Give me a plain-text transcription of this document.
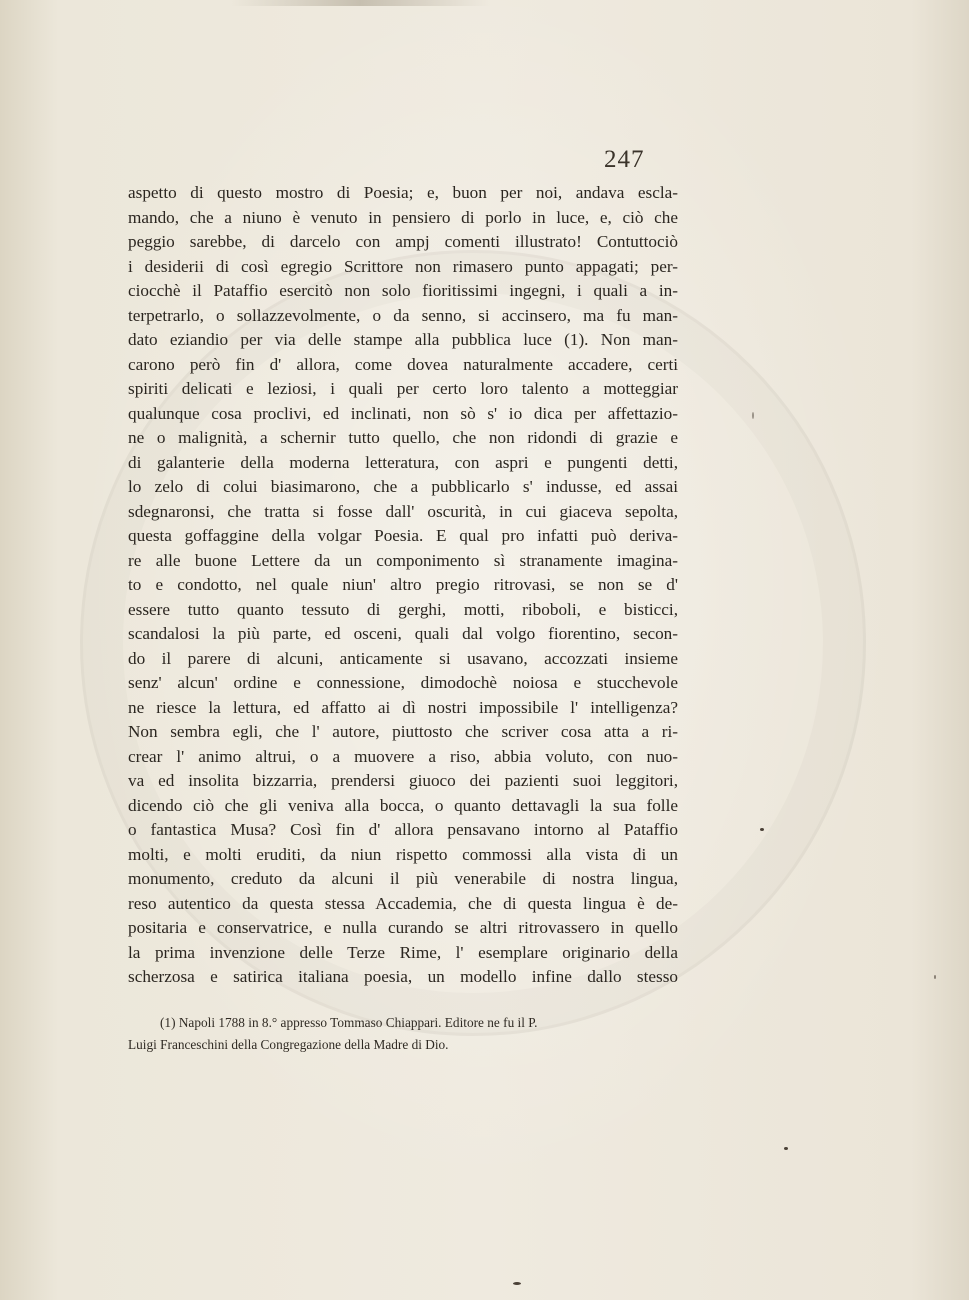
247
aspetto di questo mostro di Poesia; e, buon per noi, andava escla-
mando, che a niuno è venuto in pensiero di porlo in luce, e, ciò che
peggio sarebbe, di darcelo con ampj comenti illustrato! Contuttociò
i desiderii di così egregio Scrittore non rimasero punto appagati; per-
ciocchè il Pataffio esercitò non solo fioritissimi ingegni, i quali a in-
terpetrarlo, o sollazzevolmente, o da senno, si accinsero, ma fu man-
dato eziandio per via delle stampe alla pubblica luce (1). Non man-
carono però fin d' allora, come dovea naturalmente accadere, certi
spiriti delicati e leziosi, i quali per certo loro talento a motteggiar
qualunque cosa proclivi, ed inclinati, non sò s' io dica per affettazio-
ne o malignità, a schernir tutto quello, che non ridondi di grazie e
di galanterie della moderna letteratura, con aspri e pungenti detti,
lo zelo di colui biasimarono, che a pubblicarlo s' indusse, ed assai
sdegnaronsi, che tratta si fosse dall' oscurità, in cui giaceva sepolta,
questa goffaggine della volgar Poesia. E qual pro infatti può deriva-
re alle buone Lettere da un componimento sì stranamente imagina-
to e condotto, nel quale niun' altro pregio ritrovasi, se non se d'
essere tutto quanto tessuto di gerghi, motti, riboboli, e bisticci,
scandalosi la più parte, ed osceni, quali dal volgo fiorentino, secon-
do il parere di alcuni, anticamente si usavano, accozzati insieme
senz' alcun' ordine e connessione, dimodochè noiosa e stucchevole
ne riesce la lettura, ed affatto ai dì nostri impossibile l' intelligenza?
Non sembra egli, che l' autore, piuttosto che scriver cosa atta a ri-
crear l' animo altrui, o a muovere a riso, abbia voluto, con nuo-
va ed insolita bizzarria, prendersi giuoco dei pazienti suoi leggitori,
dicendo ciò che gli veniva alla bocca, o quanto dettavagli la sua folle
o fantastica Musa? Così fin d' allora pensavano intorno al Pataffio
molti, e molti eruditi, da niun rispetto commossi alla vista di un
monumento, creduto da alcuni il più venerabile di nostra lingua,
reso autentico da questa stessa Accademia, che di questa lingua è de-
positaria e conservatrice, e nulla curando se altri ritrovassero in quello
la prima invenzione delle Terze Rime, l' esemplare originario della
scherzosa e satirica italiana poesia, un modello infine dallo stesso
(1) Napoli 1788 in 8.° appresso Tommaso Chiappari. Editore ne fu il P.
Luigi Franceschini della Congregazione della Madre di Dio.
